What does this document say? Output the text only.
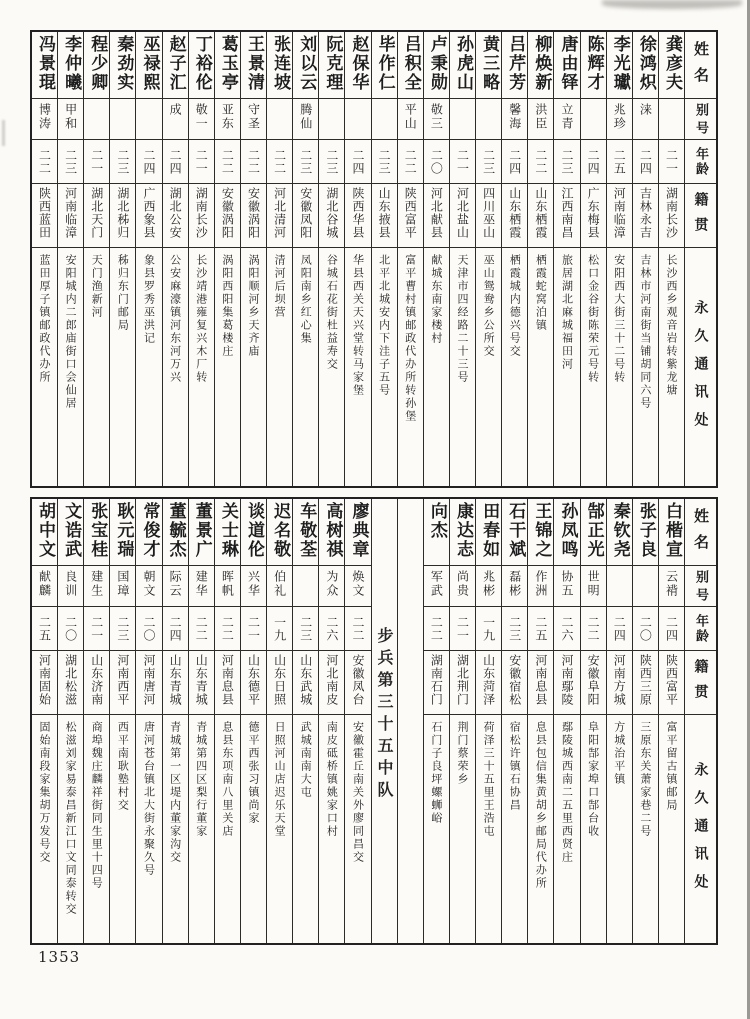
姓名
别号
年龄
籍贯
永久通讯处
龚彦夫
二一
湖南长沙
长沙西乡观音岩转紫龙塘
徐鸿炽
涞
二四
吉林永吉
吉林市河南街当铺胡同六号
李光瓛
兆珍
二五
河南临漳
安阳西大街三十二号转
陈辉才
二四
广东梅县
松口金谷街陈荣元号转
唐由铎
立青
二三
江西南昌
旅居湖北麻城福田河
柳焕新
洪臣
二二
山东栖霞
栖霞蛇窝泊镇
吕芹芳
馨海
二四
山东栖霞
栖霞城内德兴号交
黄三略
二三
四川巫山
巫山鸳鸯乡公所交
孙虎山
二一
河北盐山
天津市四经路二十三号
卢秉勋
敬三
二〇
河北献县
献城东南家楼村
吕积全
平山
二二
陕西富平
富平曹村镇邮政代办所转孙堡
毕作仁
二三
山东掖县
北平北城安内下洼子五号
赵保华
二四
陕西华县
华县西关天兴堂转马家堡
阮克理
二三
湖北谷城
谷城石花街杜益寿交
刘以云
腾仙
二三
安徽凤阳
凤阳南乡红心集
张连坡
二二
河北清河
清河后坝营
王景清
守圣
二二
安徽涡阳
涡阳顺河乡天齐庙
葛玉亭
亚东
二二
安徽涡阳
涡阳西阳集葛楼庄
丁裕伦
敬一
二一
湖南长沙
长沙靖港雍复兴木厂转
赵子汇
成
二四
湖北公安
公安麻濠镇河东河万兴
巫禄熙
二四
广西象县
象县罗秀巫洪记
秦劲实
二三
湖北秭归
秭归东门邮局
程少卿
二一
湖北天门
天门渔新河
李仲曦
甲和
二三
河南临漳
安阳城内二郎庙街口会仙居
冯景琨
博涛
二二
陕西蓝田
蓝田厚子镇邮政代办所
姓名
别号
年龄
籍贯
永久通讯处
步兵第三十五中队
白楷宣
云褙
二四
陕西富平
富平留古镇邮局
张子良
二〇
陕西三原
三原东关萧家巷二号
秦钦尧
二四
河南方城
方城治平镇
郜正光
世明
二二
安徽阜阳
阜阳郜家埠口郜台收
孙凤鸣
协五
二六
河南鄢陵
鄢陵城西南二五里西贤庄
王锦之
作洲
二五
河南息县
息县包信集黄胡乡邮局代办所
石干斌
磊彬
二三
安徽宿松
宿松许镇石协昌
田春如
兆彬
一九
山东菏泽
荷泽三十五里王浩屯
康达志
尚贵
二一
湖北荆门
荆门蔡荣乡
向杰
军武
二二
湖南石门
石门子良坪螺蛳峪
廖典章
焕文
二二
安徽凤台
安徽霍丘南关外廖同昌交
高树祺
为众
二六
河北南皮
南皮砥桥镇姚家口村
车敬荃
二三
山东武城
武城南南大屯
迟名敬
伯礼
一九
山东日照
日照河山店迟乐天堂
谈道伦
兴华
二一
山东德平
德平西张习镇尚家
关士琳
晖帆
二二
河南息县
息县东项南八里关店
董景广
建华
二二
山东青城
青城第四区梨行董家
董毓杰
际云
二四
山东青城
青城第一区堤内董家沟交
常俊才
朝文
二〇
河南唐河
唐河苍台镇北大街永聚久号
耿元瑞
国璋
二三
河南西平
西平南耿塾村交
张宝桂
建生
二一
山东济南
商埠魏庄麟祥街同生里十四号
文诰武
良训
二〇
湖北松滋
松滋刘家易泰昌新江口文同泰转交
胡中文
献麟
二五
河南固始
固始南段家集胡万发号交
1353
